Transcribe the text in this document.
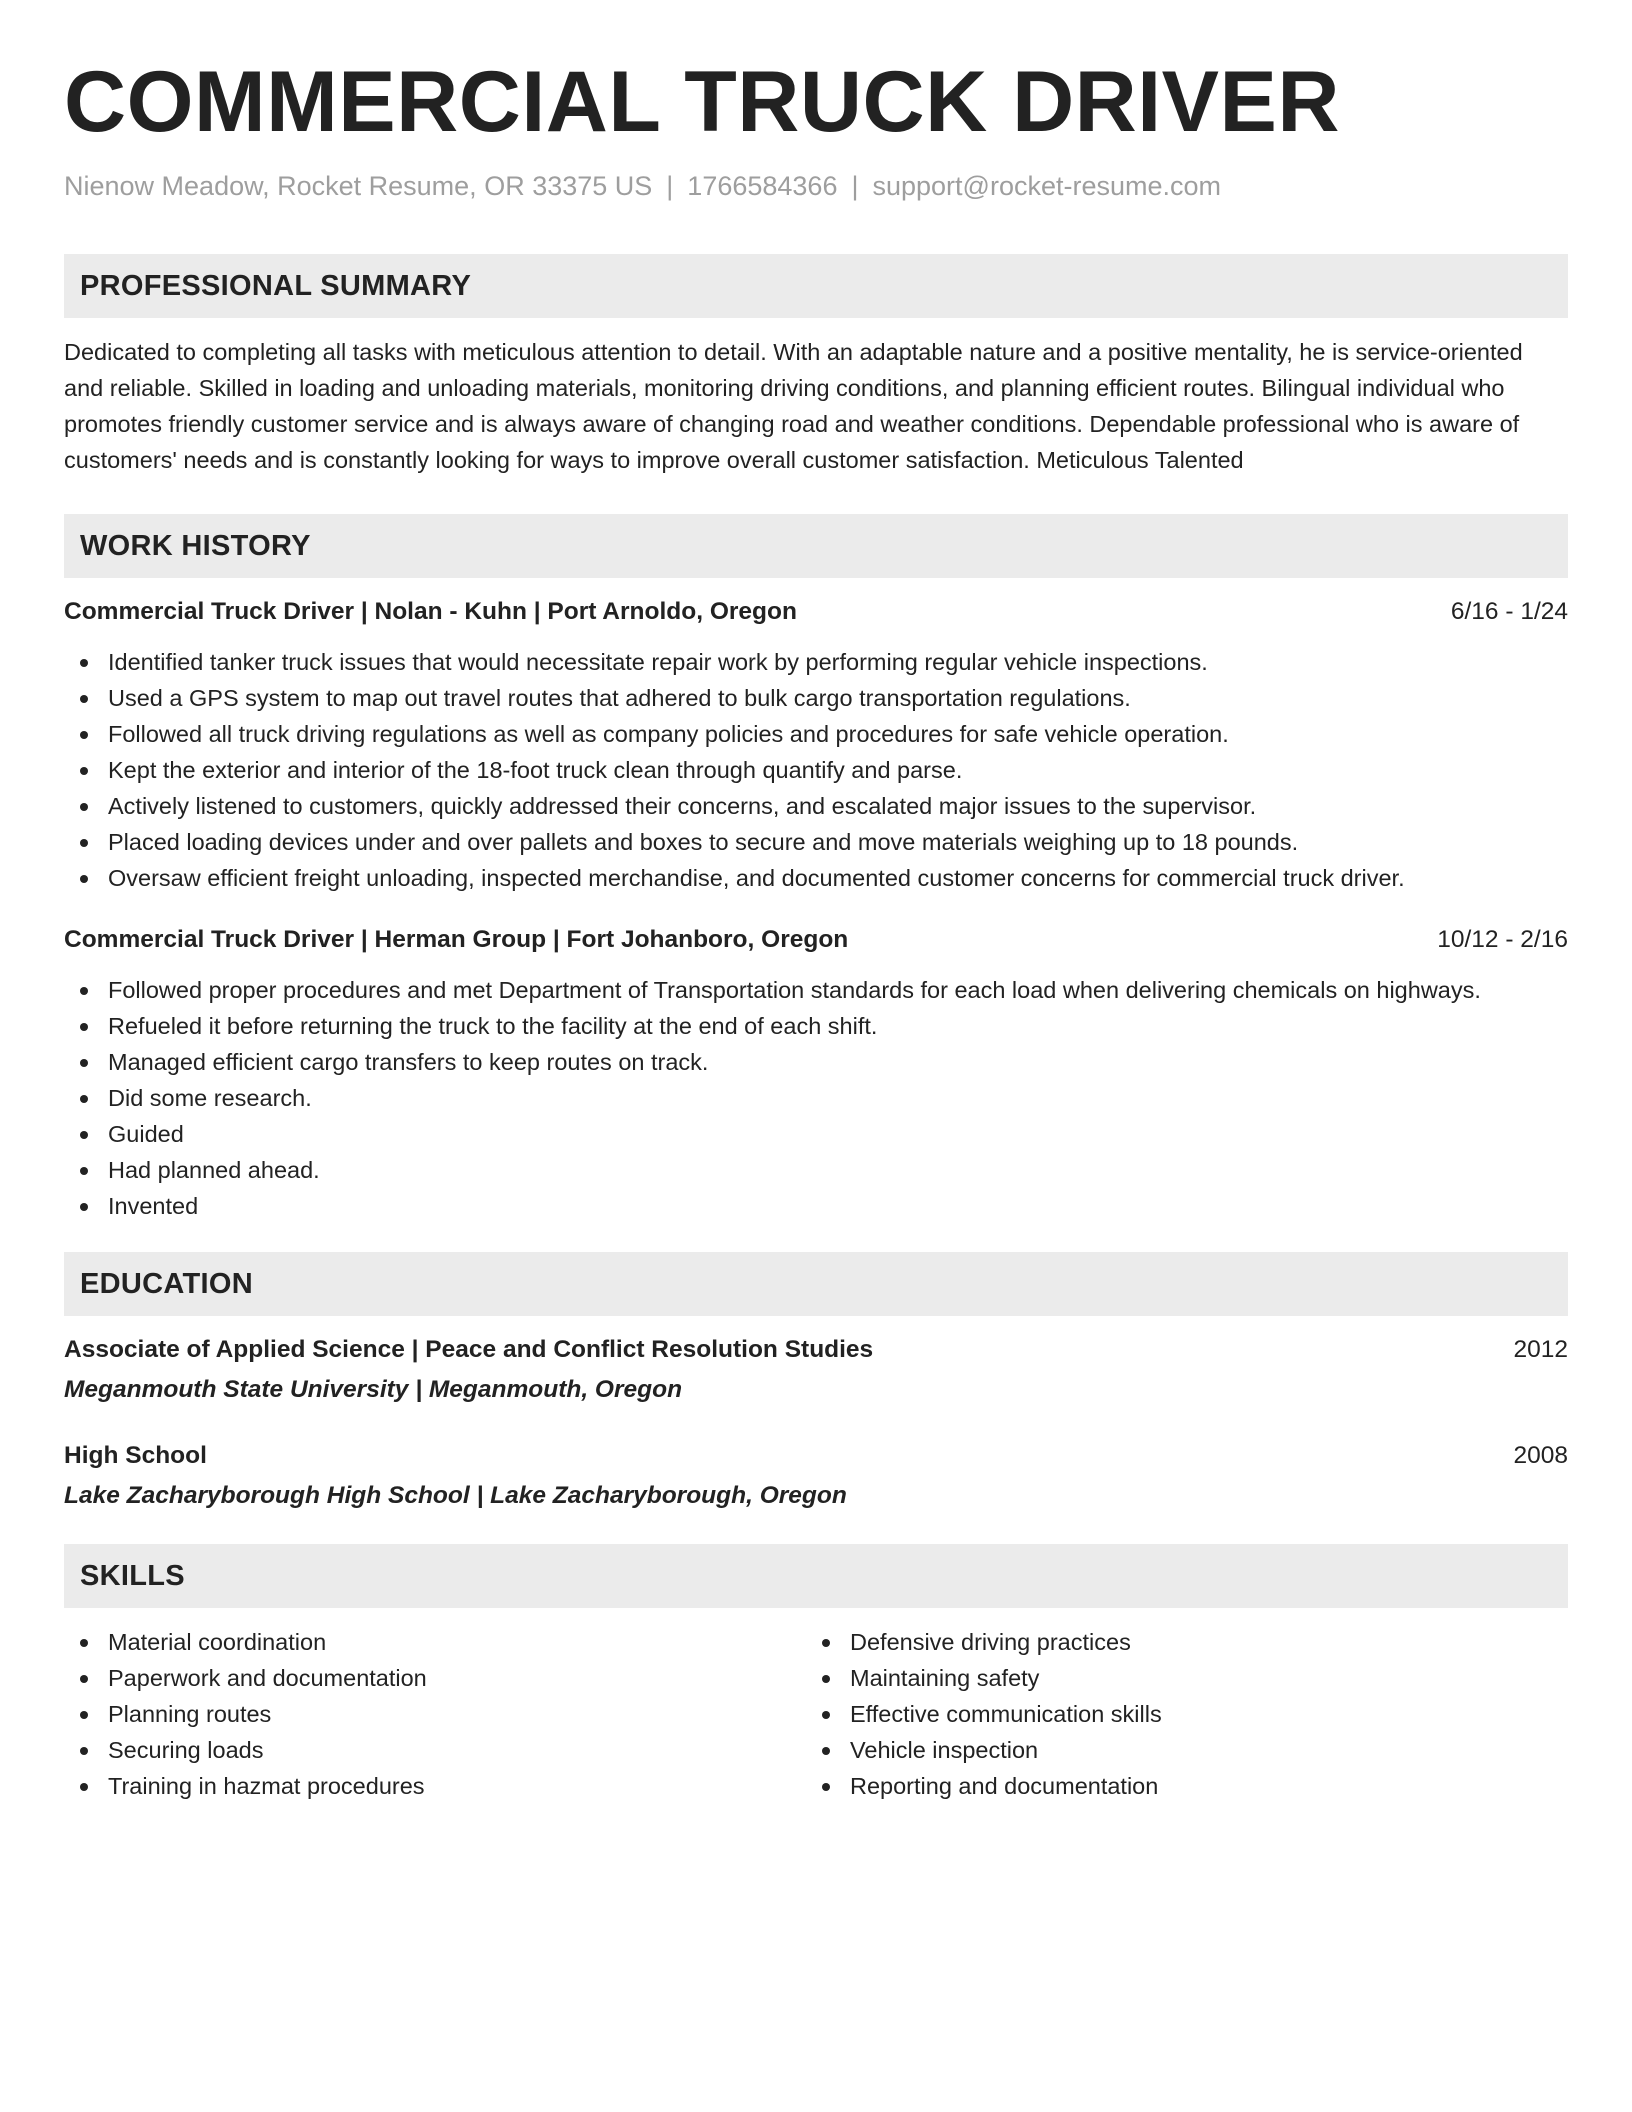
COMMERCIAL TRUCK DRIVER
Nienow Meadow, Rocket Resume, OR 33375 US | 1766584366 | support@rocket-resume.com
PROFESSIONAL SUMMARY
Dedicated to completing all tasks with meticulous attention to detail. With an adaptable nature and a positive mentality, he is service-oriented and reliable. Skilled in loading and unloading materials, monitoring driving conditions, and planning efficient routes. Bilingual individual who promotes friendly customer service and is always aware of changing road and weather conditions. Dependable professional who is aware of customers' needs and is constantly looking for ways to improve overall customer satisfaction. Meticulous Talented
WORK HISTORY
Commercial Truck Driver | Nolan - Kuhn | Port Arnoldo, Oregon	6/16 - 1/24
Identified tanker truck issues that would necessitate repair work by performing regular vehicle inspections.
Used a GPS system to map out travel routes that adhered to bulk cargo transportation regulations.
Followed all truck driving regulations as well as company policies and procedures for safe vehicle operation.
Kept the exterior and interior of the 18-foot truck clean through quantify and parse.
Actively listened to customers, quickly addressed their concerns, and escalated major issues to the supervisor.
Placed loading devices under and over pallets and boxes to secure and move materials weighing up to 18 pounds.
Oversaw efficient freight unloading, inspected merchandise, and documented customer concerns for commercial truck driver.
Commercial Truck Driver | Herman Group | Fort Johanboro, Oregon	10/12 - 2/16
Followed proper procedures and met Department of Transportation standards for each load when delivering chemicals on highways.
Refueled it before returning the truck to the facility at the end of each shift.
Managed efficient cargo transfers to keep routes on track.
Did some research.
Guided
Had planned ahead.
Invented
EDUCATION
Associate of Applied Science | Peace and Conflict Resolution Studies	2012
Meganmouth State University | Meganmouth, Oregon
High School	2008
Lake Zacharyborough High School | Lake Zacharyborough, Oregon
SKILLS
Material coordination
Paperwork and documentation
Planning routes
Securing loads
Training in hazmat procedures
Defensive driving practices
Maintaining safety
Effective communication skills
Vehicle inspection
Reporting and documentation
